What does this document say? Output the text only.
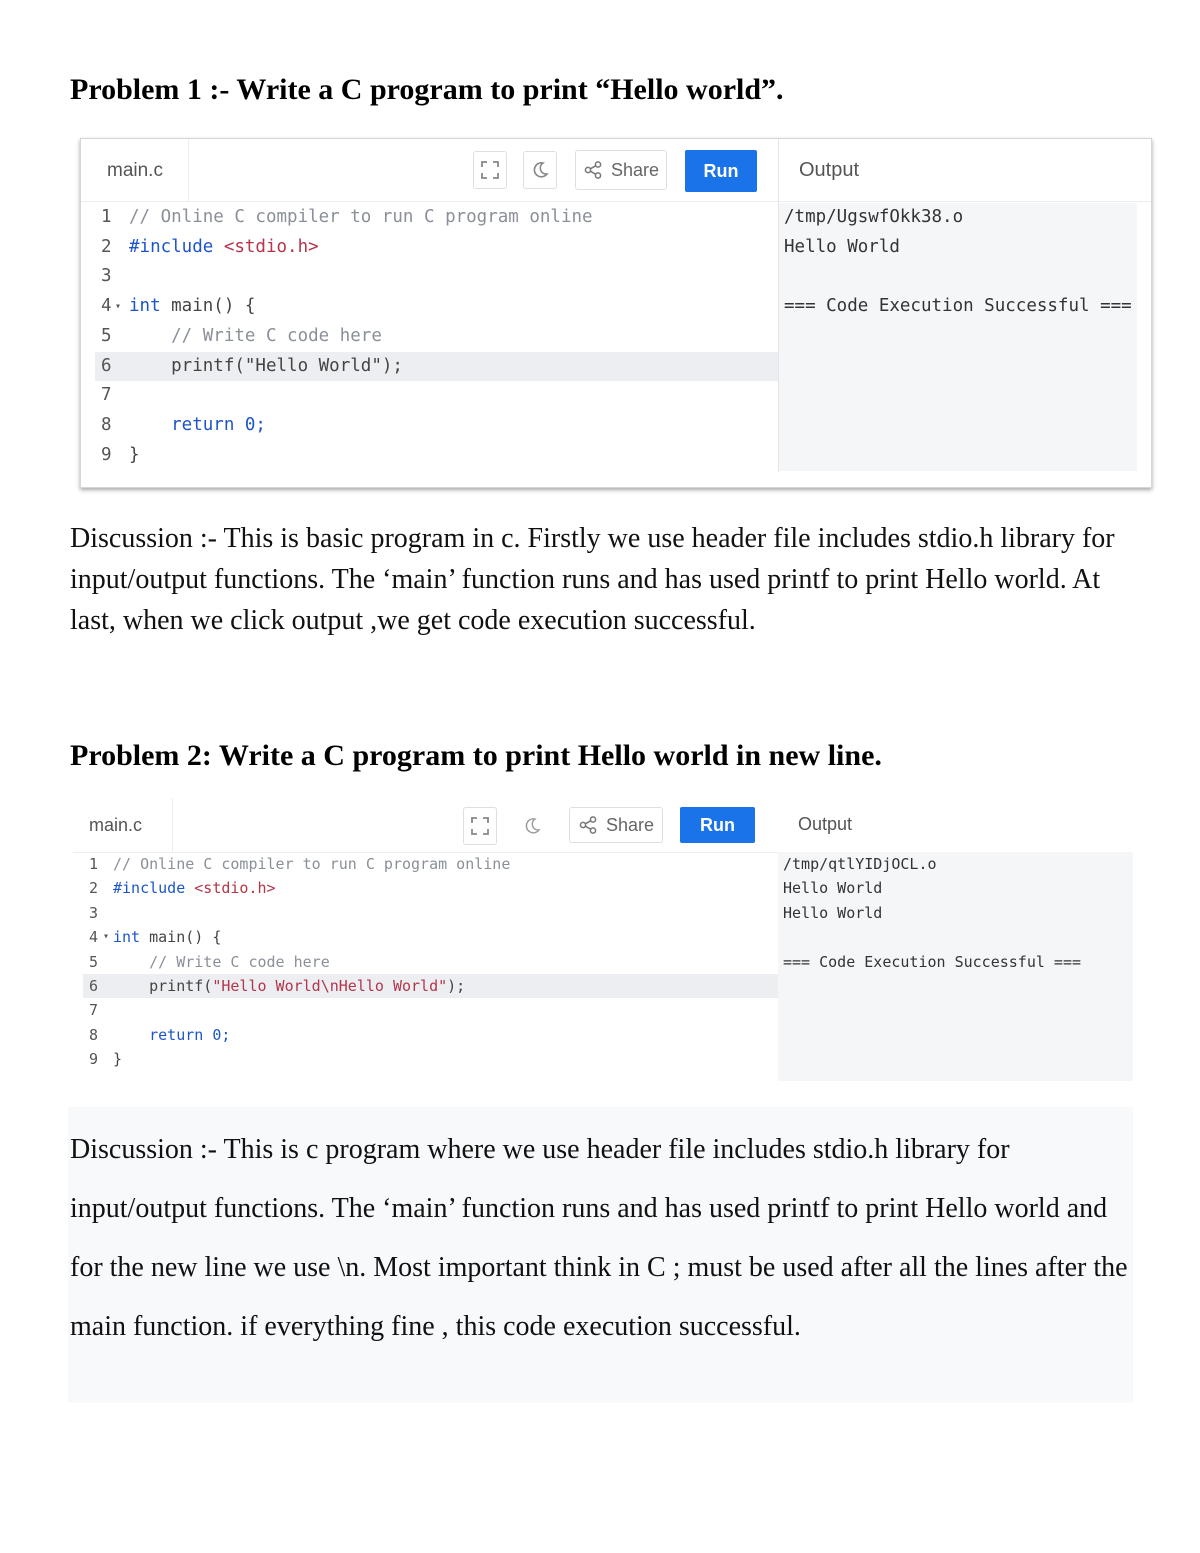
Problem 1 :- Write a C program to print “Hello world”.
main.c	Share	Run	Output
1 // Online C compiler to run C program online
2 #include <stdio.h>
3
4 ▾ int main() {
5 // Write C code here
6 printf("Hello World");
7
8 return 0;
9 }
/tmp/UgswfOkk38.o
Hello World
=== Code Execution Successful ===

Discussion :- This is basic program in c. Firstly we use header file includes stdio.h library for input/output functions. The ‘main’ function runs and has used printf to print Hello world. At last, when we click output ,we get code execution successful.

Problem 2: Write a C program to print Hello world in new line.
main.c	Share	Run	Output
1 // Online C compiler to run C program online
2 #include <stdio.h>
3
4 ▾ int main() {
5 // Write C code here
6 printf("Hello World\nHello World");
7
8 return 0;
9 }
/tmp/qtlYIDjOCL.o
Hello World
Hello World
=== Code Execution Successful ===

Discussion :- This is c program where we use header file includes stdio.h library for input/output functions. The ‘main’ function runs and has used printf to print Hello world and for the new line we use \n. Most important think in C ; must be used after all the lines after the main function. if everything fine , this code execution successful.
